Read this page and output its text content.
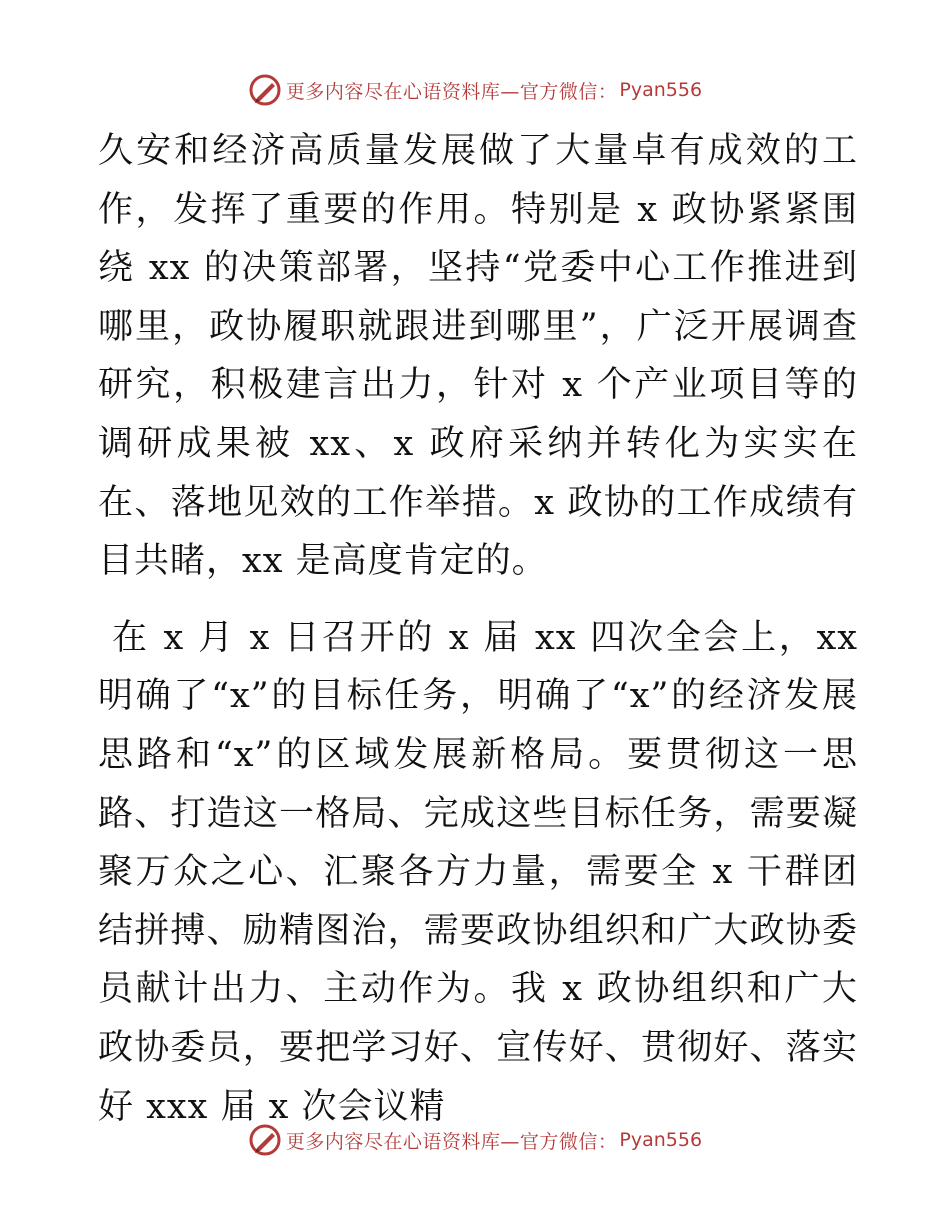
更多内容尽在心语资料库—官方微信： Pyan556

久安和经济高质量发展做了大量卓有成效的工作，发挥了重要的作用。特别是 x 政协紧紧围绕 xx 的决策部署，坚持“党委中心工作推进到哪里，政协履职就跟进到哪里”，广泛开展调查研究，积极建言出力，针对 x 个产业项目等的调研成果被 xx、x 政府采纳并转化为实实在在、落地见效的工作举措。x 政协的工作成绩有目共睹，xx 是高度肯定的。

在 x 月 x 日召开的 x 届 xx 四次全会上，xx 明确了“x”的目标任务，明确了“x”的经济发展思路和“x”的区域发展新格局。要贯彻这一思路、打造这一格局、完成这些目标任务，需要凝聚万众之心、汇聚各方力量，需要全 x 干群团结拼搏、励精图治，需要政协组织和广大政协委员献计出力、主动作为。我 x 政协组织和广大政协委员，要把学习好、宣传好、贯彻好、落实好 xxx 届 x 次会议精

更多内容尽在心语资料库—官方微信： Pyan556
